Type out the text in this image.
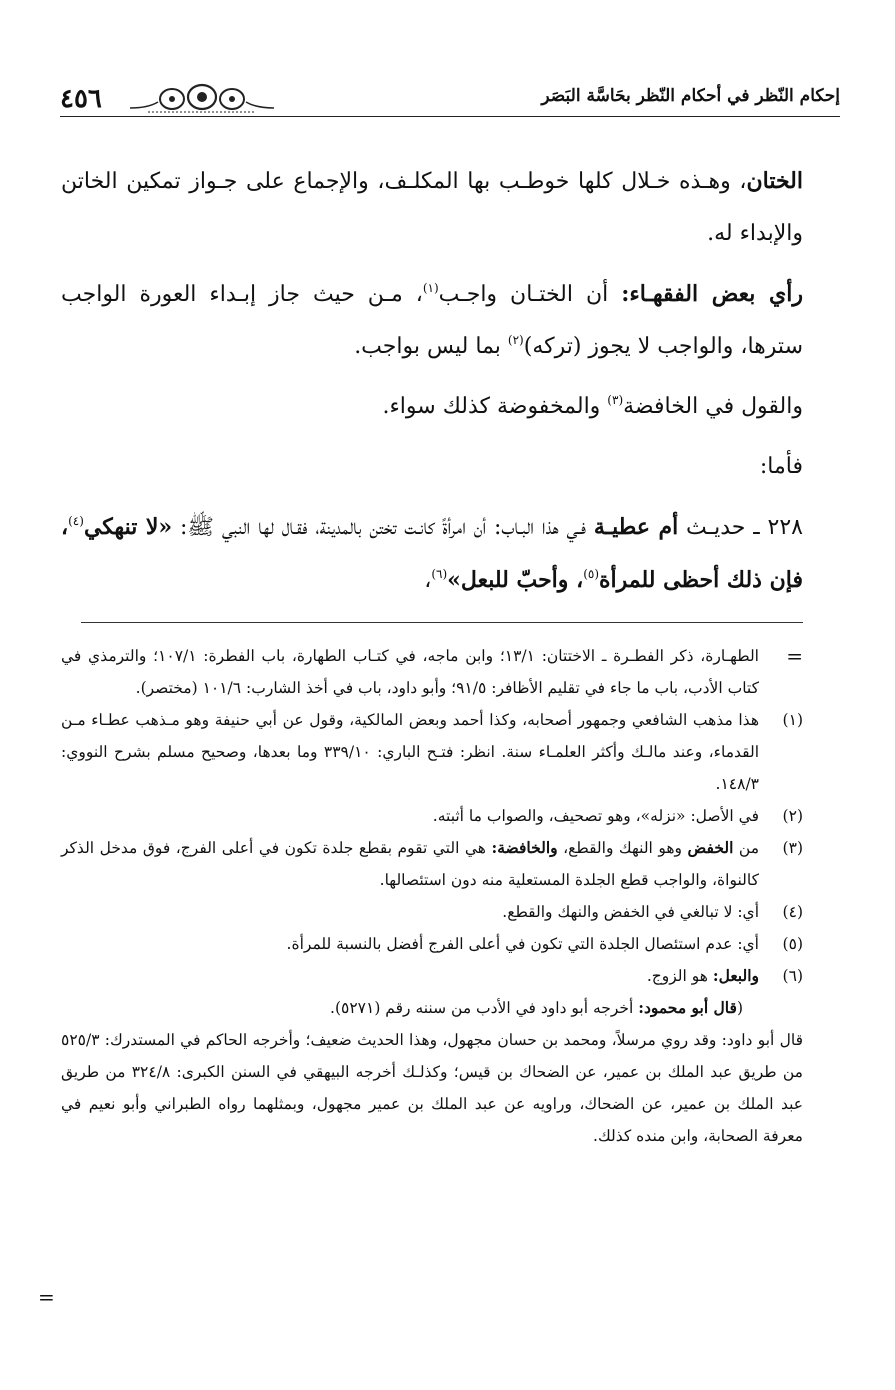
٤٥٦	إحكام النّظر في أحكام النّظر بحَاسَّة البَصَر

الختان، وهـذه خـلال كلها خوطـب بها المكلـف، والإجماع على جـواز تمكين الخاتن والإبداء له.

رأي بعض الفقهـاء: أن الختـان واجـب$^{(١)}$، مـن حيث جاز إبـداء العورة الواجب سترها، والواجب لا يجوز (تركه)$^{(٢)}$ بما ليس بواجب.

والقول في الخافضة$^{(٣)}$ والمخفوضة كذلك سواء.

فأما:

٢٢٨ ـ حديـث أم عطيـة فـي هذا البـاب: أن امرأةً كانـت تختن بالمدينة، فقـال لها النبي ﷺ: «لا تنهكي$^{(٤)}$، فإن ذلك أحظى للمرأة$^{(٥)}$، وأحبّ للبعل»$^{(٦)}$،

=
الطهـارة، ذكر الفطـرة ـ الاختتان: ١٣/١؛ وابن ماجه، في كتـاب الطهارة، باب الفطرة: ١٠٧/١؛ والترمذي في كتاب الأدب، باب ما جاء في تقليم الأظافر: ٩١/٥؛ وأبو داود، باب في أخذ الشارب: ١٠١/٦ (مختصر).
(١)
هذا مذهب الشافعي وجمهور أصحابه، وكذا أحمد وبعض المالكية، وقول عن أبي حنيفة وهو مـذهب عطـاء مـن القدماء، وعند مالـك وأكثر العلمـاء سنة. انظر: فتـح الباري: ٣٣٩/١٠ وما بعدها، وصحيح مسلم بشرح النووي: ١٤٨/٣.
(٢)
في الأصل: «نزله»، وهو تصحيف، والصواب ما أثبته.
(٣)
من الخفض وهو النهك والقطع، والخافضة: هي التي تقوم بقطع جلدة تكون في أعلى الفرج، فوق مدخل الذكر كالنواة، والواجب قطع الجلدة المستعلية منه دون استئصالها.
(٤)
أي: لا تبالغي في الخفض والنهك والقطع.
(٥)
أي: عدم استئصال الجلدة التي تكون في أعلى الفرج أفضل بالنسبة للمرأة.
(٦)
والبعل: هو الزوج.
(قال أبو محمود: أخرجه أبو داود في الأدب من سننه رقم (٥٢٧١).
قال أبو داود: وقد روي مرسلاً، ومحمد بن حسان مجهول، وهذا الحديث ضعيف؛ وأخرجه الحاكم في المستدرك: ٥٢٥/٣ من طريق عبد الملك بن عمير، عن الضحاك بن قيس؛ وكذلـك أخرجه البيهقي في السنن الكبرى: ٣٢٤/٨ من طريق عبد الملك بن عمير، عن الضحاك، وراويه عن عبد الملك بن عمير مجهول، وبمثلهما رواه الطبراني وأبو نعيم في معرفة الصحابة، وابن منده كذلك.
=
